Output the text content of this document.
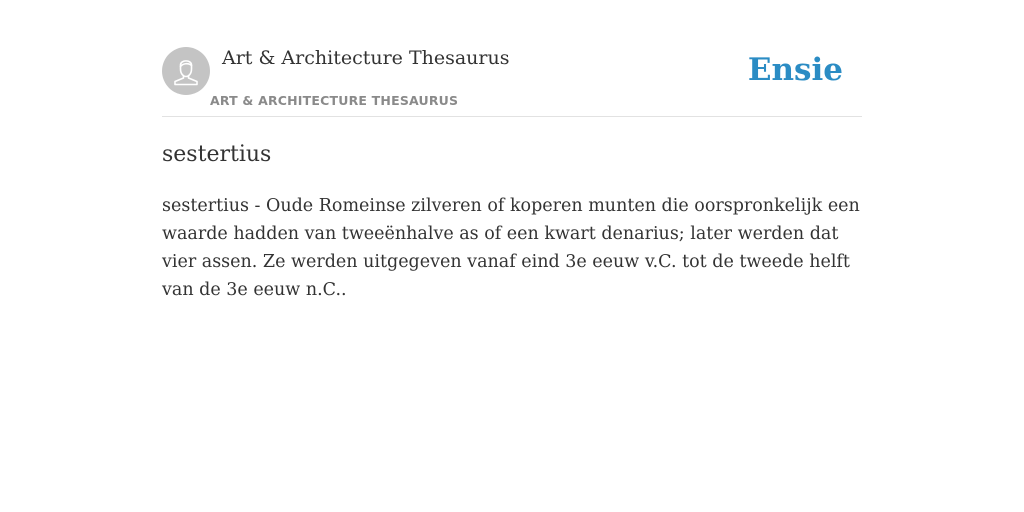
Art & Architecture Thesaurus
ART & ARCHITECTURE THESAURUS
Ensie
sestertius

sestertius - Oude Romeinse zilveren of koperen munten die oorspronkelijk een waarde hadden van tweeënhalve as of een kwart denarius; later werden dat vier assen. Ze werden uitgegeven vanaf eind 3e eeuw v.C. tot de tweede helft van de 3e eeuw n.C..
